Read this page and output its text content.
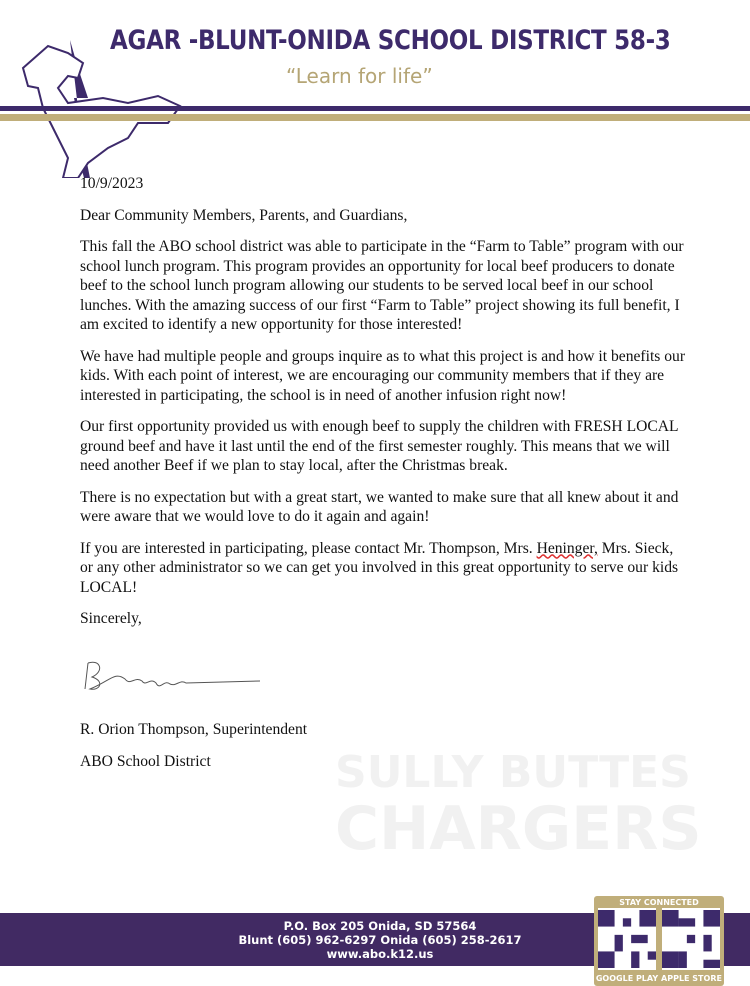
AGAR -BLUNT-ONIDA SCHOOL DISTRICT 58-3
“Learn for life”
SULLY BUTTES
CHARGERS

10/9/2023

Dear Community Members, Parents, and Guardians,

This fall the ABO school district was able to participate in the “Farm to Table” program with our school lunch program. This program provides an opportunity for local beef producers to donate beef to the school lunch program allowing our students to be served local beef in our school lunches. With the amazing success of our first “Farm to Table” project showing its full benefit, I am excited to identify a new opportunity for those interested!

We have had multiple people and groups inquire as to what this project is and how it benefits our kids. With each point of interest, we are encouraging our community members that if they are interested in participating, the school is in need of another infusion right now!

Our first opportunity provided us with enough beef to supply the children with FRESH LOCAL ground beef and have it last until the end of the first semester roughly. This means that we will need another Beef if we plan to stay local, after the Christmas break.

There is no expectation but with a great start, we wanted to make sure that all knew about it and were aware that we would love to do it again and again!

If you are interested in participating, please contact Mr. Thompson, Mrs. Heninger, Mrs. Sieck, or any other administrator so we can get you involved in this great opportunity to serve our kids LOCAL!

Sincerely,

R. Orion Thompson, Superintendent

ABO School District

P.O. Box 205 Onida, SD 57564
Blunt (605) 962-6297 Onida (605) 258-2617
www.abo.k12.us
STAY CONNECTED
GOOGLE PLAY APPLE STORE
